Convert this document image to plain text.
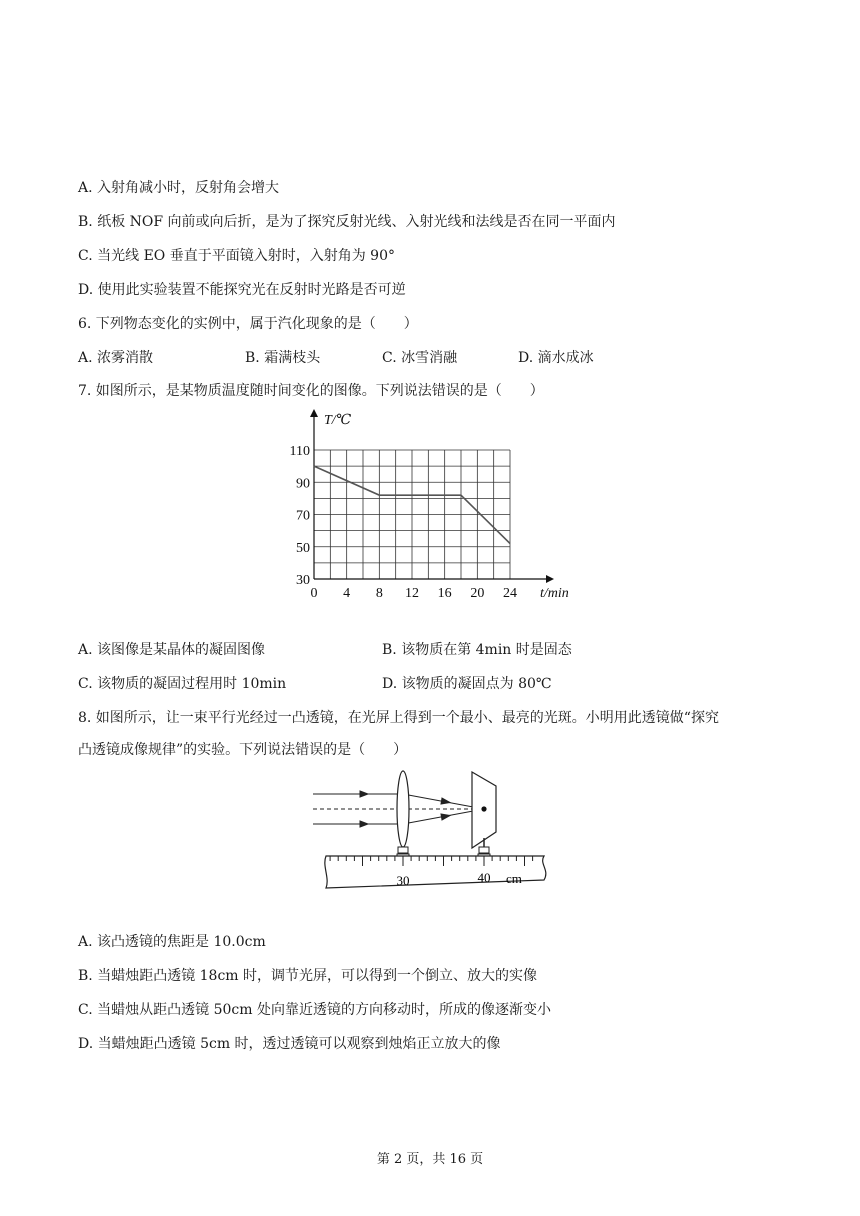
A. 入射角减小时，反射角会增大
B. 纸板 NOF 向前或向后折，是为了探究反射光线、入射光线和法线是否在同一平面内
C. 当光线 EO 垂直于平面镜入射时，入射角为 90°
D. 使用此实验装置不能探究光在反射时光路是否可逆
6. 下列物态变化的实例中，属于汽化现象的是（　　）
A. 浓雾消散	B. 霜满枝头	C. 冰雪消融	D. 滴水成冰
7. 如图所示，是某物质温度随时间变化的图像。下列说法错误的是（　　）
0 4 8 12 16 20 24
30
50
70
90
110
T/℃
t/min
A. 该图像是某晶体的凝固图像	B. 该物质在第 4min 时是固态
C. 该物质的凝固过程用时 10min	D. 该物质的凝固点为 80℃
8. 如图所示，让一束平行光经过一凸透镜，在光屏上得到一个最小、最亮的光斑。小明用此透镜做“探究
凸透镜成像规律”的实验。下列说法错误的是（　　）
30	40 cm
A. 该凸透镜的焦距是 10.0cm
B. 当蜡烛距凸透镜 18cm 时，调节光屏，可以得到一个倒立、放大的实像
C. 当蜡烛从距凸透镜 50cm 处向靠近透镜的方向移动时，所成的像逐渐变小
D. 当蜡烛距凸透镜 5cm 时，透过透镜可以观察到烛焰正立放大的像
第 2 页，共 16 页
